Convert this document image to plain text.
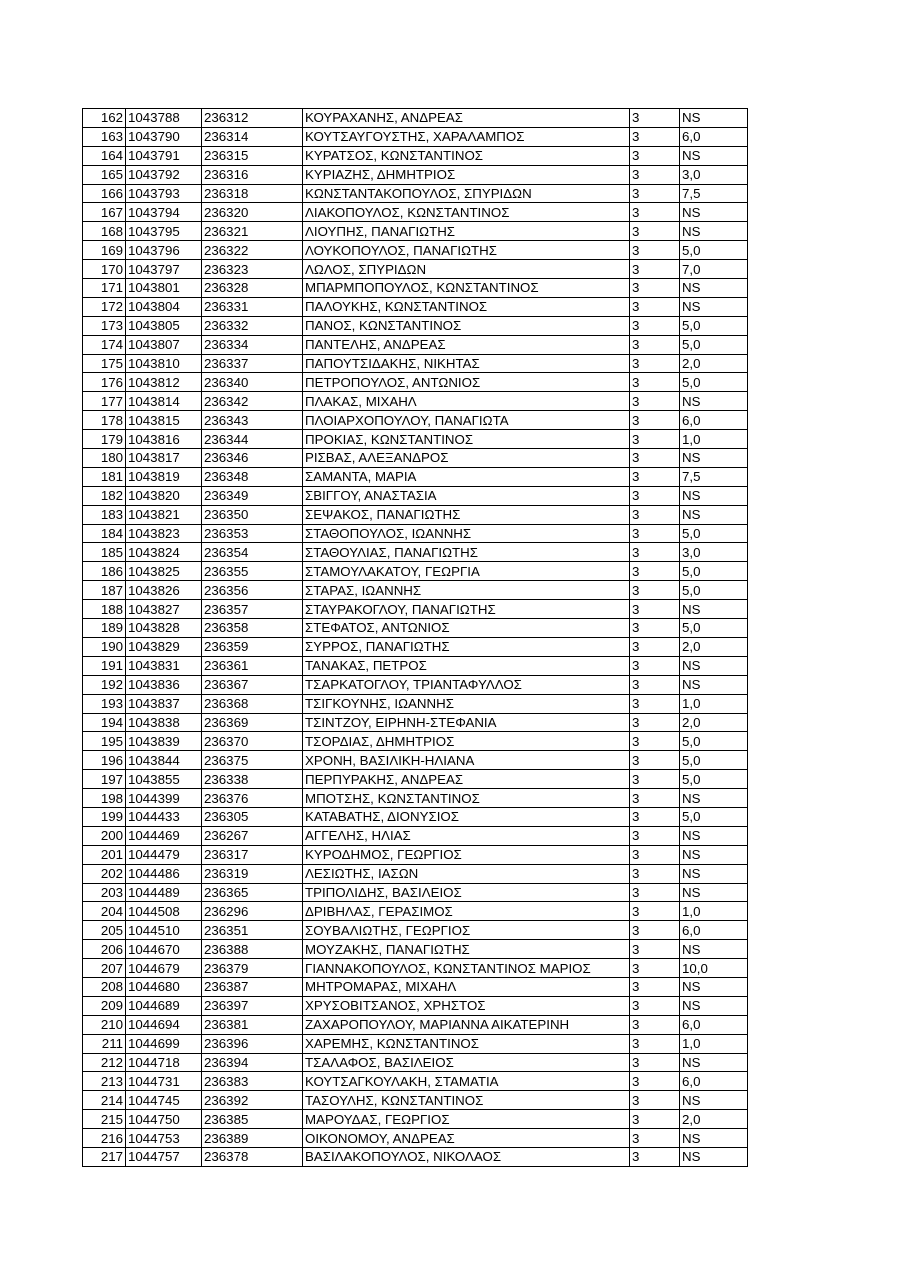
162	1043788	236312	ΚΟΥΡΑΧΑΝΗΣ, ΑΝΔΡΕΑΣ	3	NS
163	1043790	236314	ΚΟΥΤΣΑΥΓΟΥΣΤΗΣ, ΧΑΡΑΛΑΜΠΟΣ	3	6,0
164	1043791	236315	ΚΥΡΑΤΣΟΣ, ΚΩΝΣΤΑΝΤΙΝΟΣ	3	NS
165	1043792	236316	ΚΥΡΙΑΖΗΣ, ΔΗΜΗΤΡΙΟΣ	3	3,0
166	1043793	236318	ΚΩΝΣΤΑΝΤΑΚΟΠΟΥΛΟΣ, ΣΠΥΡΙΔΩΝ	3	7,5
167	1043794	236320	ΛΙΑΚΟΠΟΥΛΟΣ, ΚΩΝΣΤΑΝΤΙΝΟΣ	3	NS
168	1043795	236321	ΛΙΟΥΠΗΣ, ΠΑΝΑΓΙΩΤΗΣ	3	NS
169	1043796	236322	ΛΟΥΚΟΠΟΥΛΟΣ, ΠΑΝΑΓΙΩΤΗΣ	3	5,0
170	1043797	236323	ΛΩΛΟΣ, ΣΠΥΡΙΔΩΝ	3	7,0
171	1043801	236328	ΜΠΑΡΜΠΟΠΟΥΛΟΣ, ΚΩΝΣΤΑΝΤΙΝΟΣ	3	NS
172	1043804	236331	ΠΑΛΟΥΚΗΣ, ΚΩΝΣΤΑΝΤΙΝΟΣ	3	NS
173	1043805	236332	ΠΑΝΟΣ, ΚΩΝΣΤΑΝΤΙΝΟΣ	3	5,0
174	1043807	236334	ΠΑΝΤΕΛΗΣ, ΑΝΔΡΕΑΣ	3	5,0
175	1043810	236337	ΠΑΠΟΥΤΣΙΔΑΚΗΣ, ΝΙΚΗΤΑΣ	3	2,0
176	1043812	236340	ΠΕΤΡΟΠΟΥΛΟΣ, ΑΝΤΩΝΙΟΣ	3	5,0
177	1043814	236342	ΠΛΑΚΑΣ, ΜΙΧΑΗΛ	3	NS
178	1043815	236343	ΠΛΟΙΑΡΧΟΠΟΥΛΟΥ, ΠΑΝΑΓΙΩΤΑ	3	6,0
179	1043816	236344	ΠΡΟΚΙΑΣ, ΚΩΝΣΤΑΝΤΙΝΟΣ	3	1,0
180	1043817	236346	ΡΙΣΒΑΣ, ΑΛΕΞΑΝΔΡΟΣ	3	NS
181	1043819	236348	ΣΑΜΑΝΤΑ, ΜΑΡΙΑ	3	7,5
182	1043820	236349	ΣΒΙΓΓΟΥ, ΑΝΑΣΤΑΣΙΑ	3	NS
183	1043821	236350	ΣΕΨΑΚΟΣ, ΠΑΝΑΓΙΩΤΗΣ	3	NS
184	1043823	236353	ΣΤΑΘΟΠΟΥΛΟΣ, ΙΩΑΝΝΗΣ	3	5,0
185	1043824	236354	ΣΤΑΘΟΥΛΙΑΣ, ΠΑΝΑΓΙΩΤΗΣ	3	3,0
186	1043825	236355	ΣΤΑΜΟΥΛΑΚΑΤΟΥ, ΓΕΩΡΓΙΑ	3	5,0
187	1043826	236356	ΣΤΑΡΑΣ, ΙΩΑΝΝΗΣ	3	5,0
188	1043827	236357	ΣΤΑΥΡΑΚΟΓΛΟΥ, ΠΑΝΑΓΙΩΤΗΣ	3	NS
189	1043828	236358	ΣΤΕΦΑΤΟΣ, ΑΝΤΩΝΙΟΣ	3	5,0
190	1043829	236359	ΣΥΡΡΟΣ, ΠΑΝΑΓΙΩΤΗΣ	3	2,0
191	1043831	236361	ΤΑΝΑΚΑΣ, ΠΕΤΡΟΣ	3	NS
192	1043836	236367	ΤΣΑΡΚΑΤΟΓΛΟΥ, ΤΡΙΑΝΤΑΦΥΛΛΟΣ	3	NS
193	1043837	236368	ΤΣΙΓΚΟΥΝΗΣ, ΙΩΑΝΝΗΣ	3	1,0
194	1043838	236369	ΤΣΙΝΤΖΟΥ, ΕΙΡΗΝΗ-ΣΤΕΦΑΝΙΑ	3	2,0
195	1043839	236370	ΤΣΟΡΔΙΑΣ, ΔΗΜΗΤΡΙΟΣ	3	5,0
196	1043844	236375	ΧΡΟΝΗ, ΒΑΣΙΛΙΚΗ-ΗΛΙΑΝΑ	3	5,0
197	1043855	236338	ΠΕΡΠΥΡΑΚΗΣ, ΑΝΔΡΕΑΣ	3	5,0
198	1044399	236376	ΜΠΟΤΣΗΣ, ΚΩΝΣΤΑΝΤΙΝΟΣ	3	NS
199	1044433	236305	ΚΑΤΑΒΑΤΗΣ, ΔΙΟΝΥΣΙΟΣ	3	5,0
200	1044469	236267	ΑΓΓΕΛΗΣ, ΗΛΙΑΣ	3	NS
201	1044479	236317	ΚΥΡΟΔΗΜΟΣ, ΓΕΩΡΓΙΟΣ	3	NS
202	1044486	236319	ΛΕΣΙΩΤΗΣ, ΙΑΣΩΝ	3	NS
203	1044489	236365	ΤΡΙΠΟΛΙΔΗΣ, ΒΑΣΙΛΕΙΟΣ	3	NS
204	1044508	236296	ΔΡΙΒΗΛΑΣ, ΓΕΡΑΣΙΜΟΣ	3	1,0
205	1044510	236351	ΣΟΥΒΑΛΙΩΤΗΣ, ΓΕΩΡΓΙΟΣ	3	6,0
206	1044670	236388	ΜΟΥΖΑΚΗΣ, ΠΑΝΑΓΙΩΤΗΣ	3	NS
207	1044679	236379	ΓΙΑΝΝΑΚΟΠΟΥΛΟΣ, ΚΩΝΣΤΑΝΤΙΝΟΣ ΜΑΡΙΟΣ	3	10,0
208	1044680	236387	ΜΗΤΡΟΜΑΡΑΣ, ΜΙΧΑΗΛ	3	NS
209	1044689	236397	ΧΡΥΣΟΒΙΤΣΑΝΟΣ, ΧΡΗΣΤΟΣ	3	NS
210	1044694	236381	ΖΑΧΑΡΟΠΟΥΛΟΥ, ΜΑΡΙΑΝΝΑ ΑΙΚΑΤΕΡΙΝΗ	3	6,0
211	1044699	236396	ΧΑΡΕΜΗΣ, ΚΩΝΣΤΑΝΤΙΝΟΣ	3	1,0
212	1044718	236394	ΤΣΑΛΑΦΟΣ, ΒΑΣΙΛΕΙΟΣ	3	NS
213	1044731	236383	ΚΟΥΤΣΑΓΚΟΥΛΑΚΗ, ΣΤΑΜΑΤΙΑ	3	6,0
214	1044745	236392	ΤΑΣΟΥΛΗΣ, ΚΩΝΣΤΑΝΤΙΝΟΣ	3	NS
215	1044750	236385	ΜΑΡΟΥΔΑΣ, ΓΕΩΡΓΙΟΣ	3	2,0
216	1044753	236389	ΟΙΚΟΝΟΜΟΥ, ΑΝΔΡΕΑΣ	3	NS
217	1044757	236378	ΒΑΣΙΛΑΚΟΠΟΥΛΟΣ, ΝΙΚΟΛΑΟΣ	3	NS
